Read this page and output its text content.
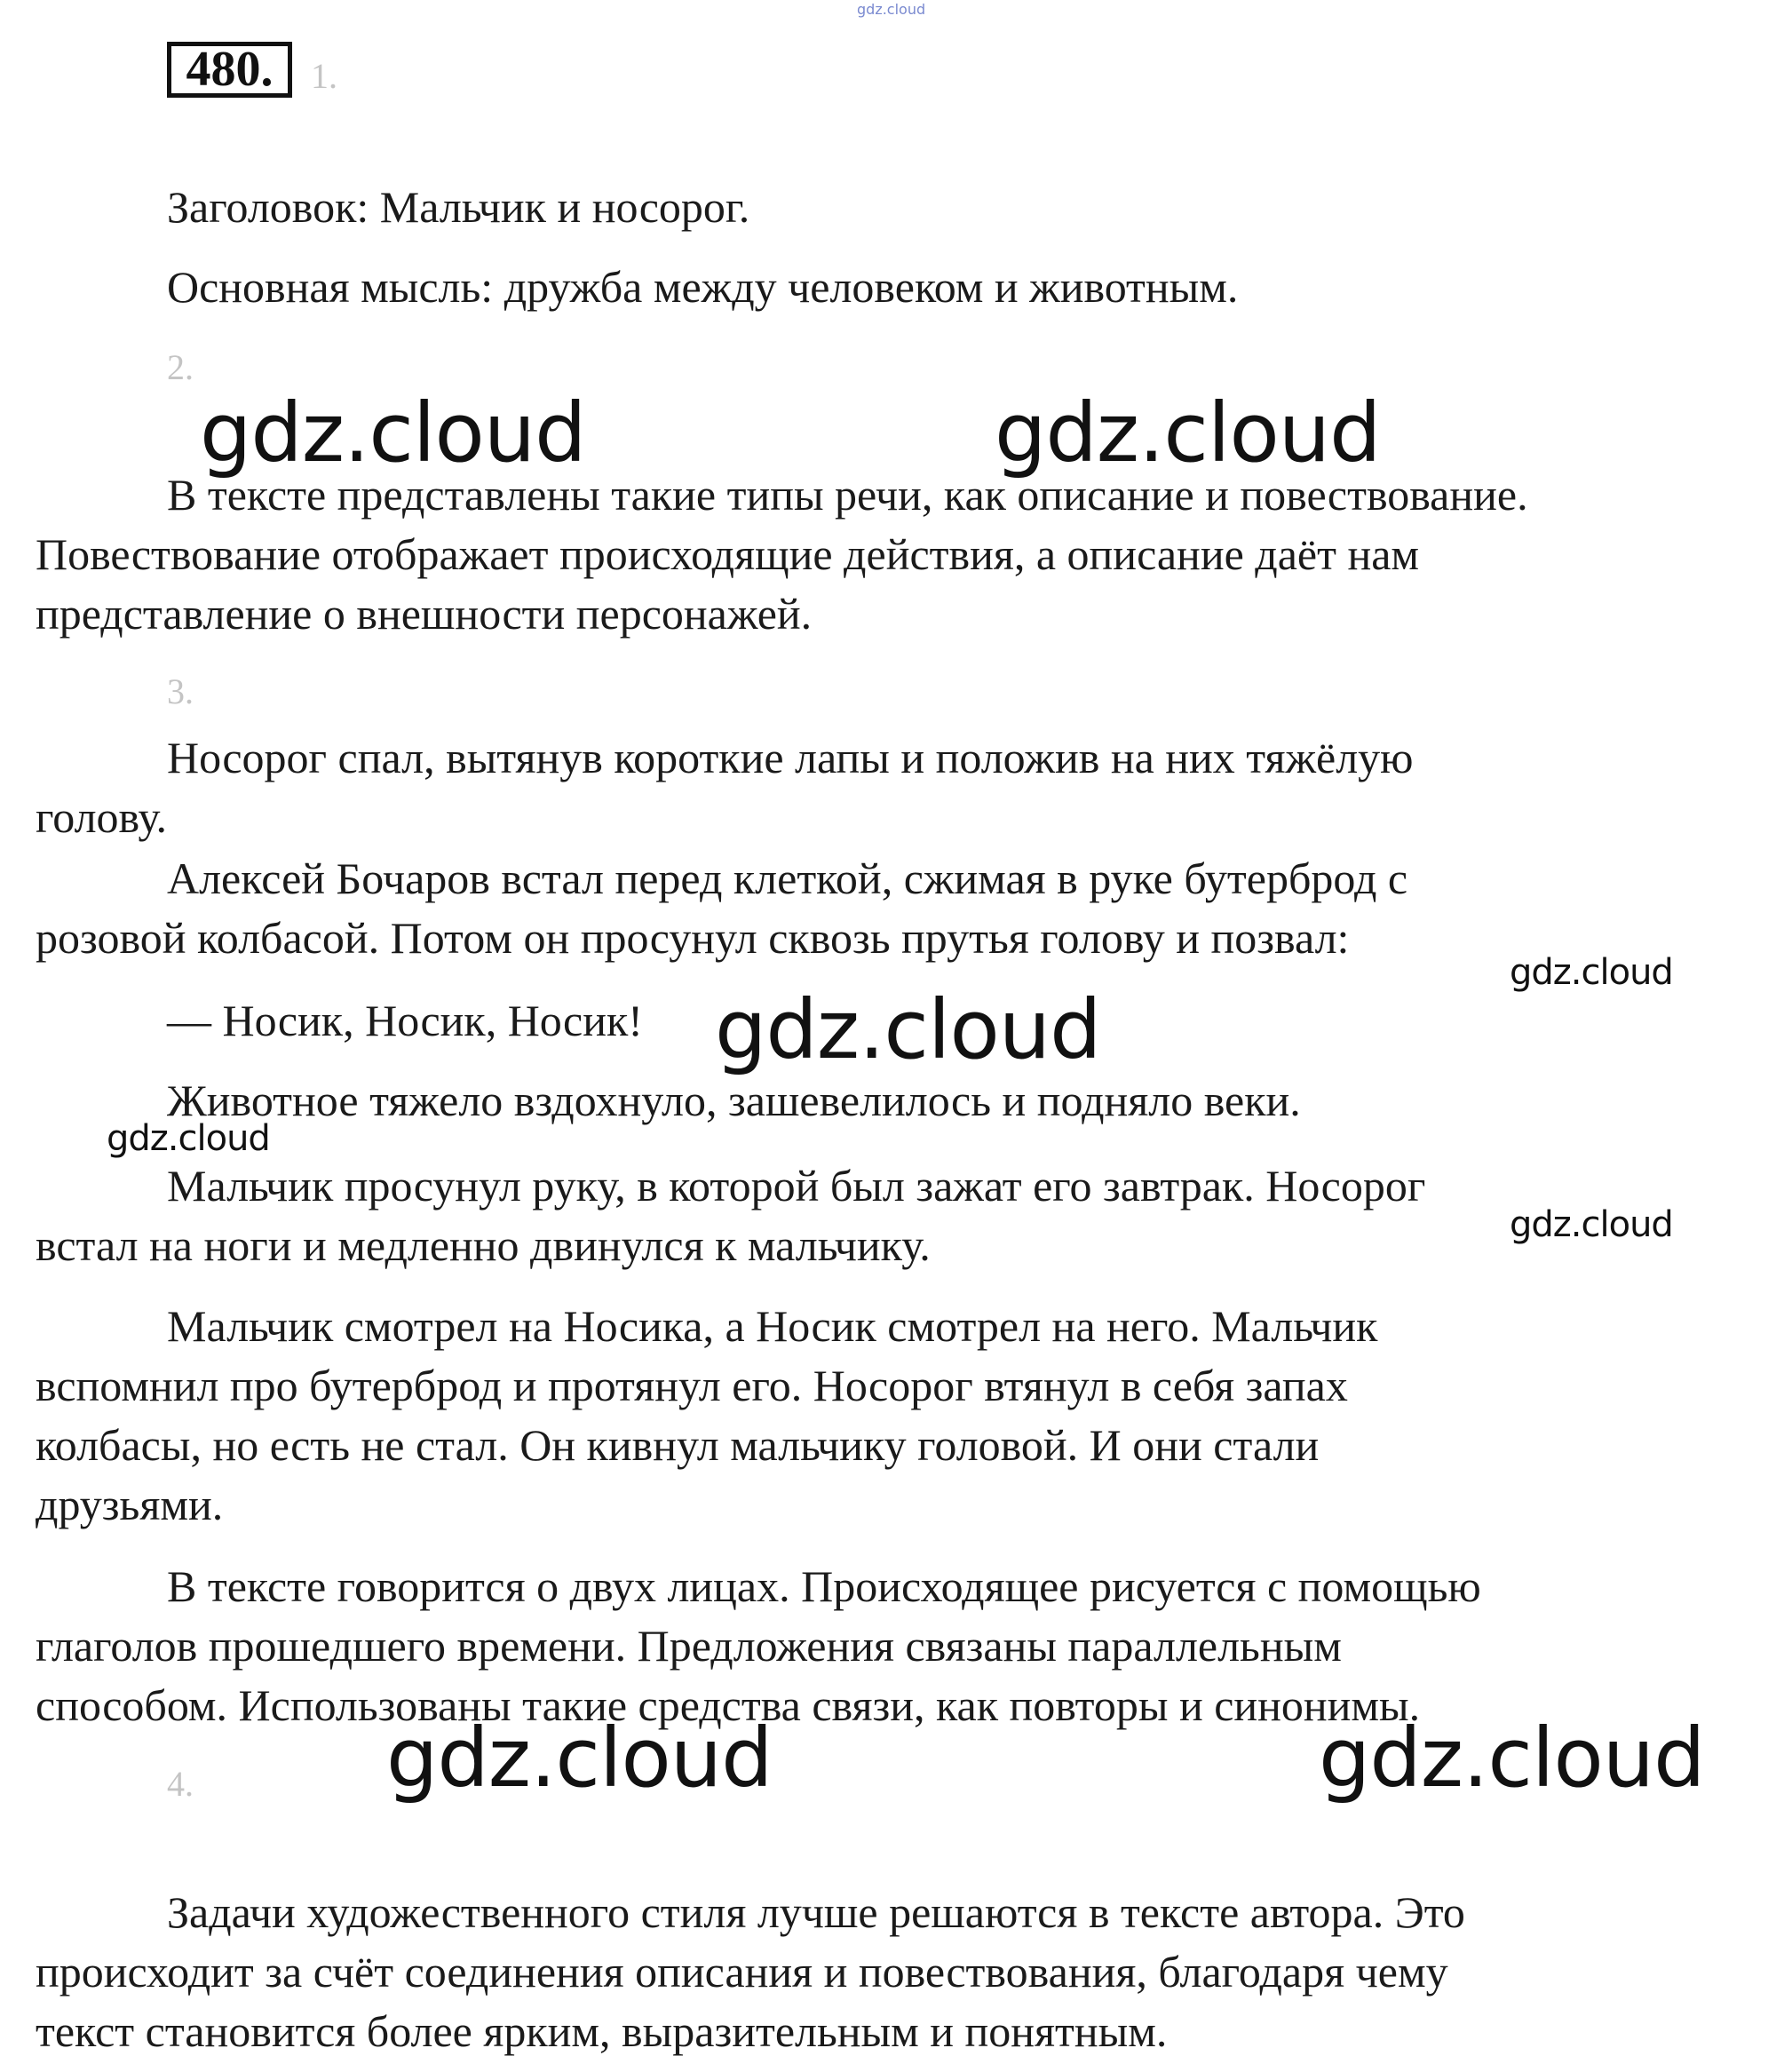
gdz.cloud
480.	1.
Заголовок: Мальчик и носорог.
Основная мысль: дружба между человеком и животным.
2.
В тексте представлены такие типы речи, как описание и повествование.
Повествование отображает происходящие действия, а описание даёт нам
представление о внешности персонажей.
3.
Носорог спал, вытянув короткие лапы и положив на них тяжёлую
голову.
Алексей Бочаров встал перед клеткой, сжимая в руке бутерброд с
розовой колбасой. Потом он просунул сквозь прутья голову и позвал:
— Носик, Носик, Носик!
Животное тяжело вздохнуло, зашевелилось и подняло веки.
Мальчик просунул руку, в которой был зажат его завтрак. Носорог
встал на ноги и медленно двинулся к мальчику.
Мальчик смотрел на Носика, а Носик смотрел на него. Мальчик
вспомнил про бутерброд и протянул его. Носорог втянул в себя запах
колбасы, но есть не стал. Он кивнул мальчику головой. И они стали
друзьями.
В тексте говорится о двух лицах. Происходящее рисуется с помощью
глаголов прошедшего времени. Предложения связаны параллельным
способом. Использованы такие средства связи, как повторы и синонимы.
4.
Задачи художественного стиля лучше решаются в тексте автора. Это
происходит за счёт соединения описания и повествования, благодаря чему
текст становится более ярким, выразительным и понятным.
gdz.cloud	gdz.cloud
gdz.cloud
gdz.cloud
gdz.cloud
gdz.cloud
gdz.cloud	gdz.cloud
